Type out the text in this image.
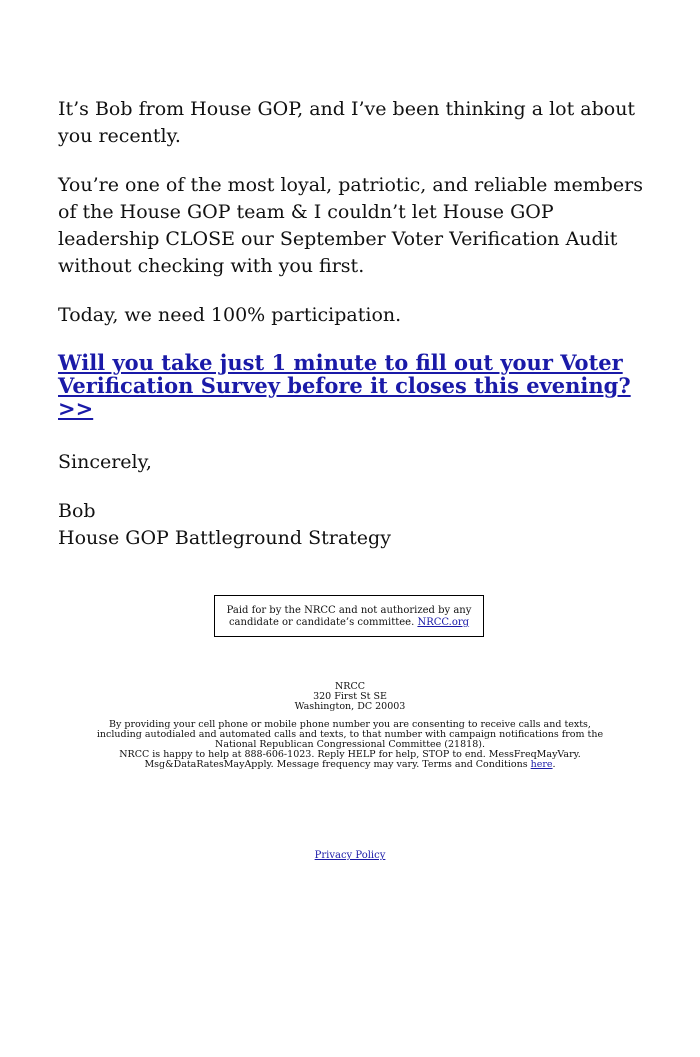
It’s Bob from House GOP, and I’ve been thinking a lot about you recently.

You’re one of the most loyal, patriotic, and reliable members of the House GOP team & I couldn’t let House GOP leadership CLOSE our September Voter Verification Audit without checking with you first.

Today, we need 100% participation.

Will you take just 1 minute to fill out your Voter Verification Survey before it closes this evening? >>

Sincerely,

Bob

House GOP Battleground Strategy

Paid for by the NRCC and not authorized by any candidate or candidate’s committee. NRCC.org

NRCC

320 First St SE

Washington, DC 20003

By providing your cell phone or mobile phone number you are consenting to receive calls and texts, including autodialed and automated calls and texts, to that number with campaign notifications from the National Republican Congressional Committee (21818).

NRCC is happy to help at 888-606-1023. Reply HELP for help, STOP to end. MessFreqMayVary. Msg&DataRatesMayApply. Message frequency may vary. Terms and Conditions here.

Privacy Policy
